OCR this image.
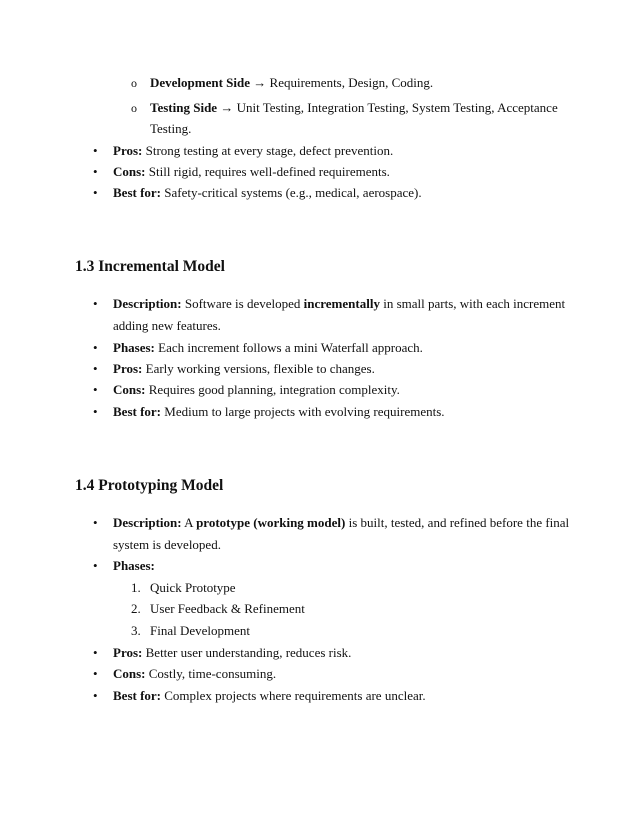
o Development Side → Requirements, Design, Coding.
o Testing Side → Unit Testing, Integration Testing, System Testing, Acceptance
Testing.
• Pros: Strong testing at every stage, defect prevention.
• Cons: Still rigid, requires well-defined requirements.
• Best for: Safety-critical systems (e.g., medical, aerospace).
1.3 Incremental Model
• Description: Software is developed incrementally in small parts, with each increment
adding new features.
• Phases: Each increment follows a mini Waterfall approach.
• Pros: Early working versions, flexible to changes.
• Cons: Requires good planning, integration complexity.
• Best for: Medium to large projects with evolving requirements.
1.4 Prototyping Model
• Description: A prototype (working model) is built, tested, and refined before the final
system is developed.
• Phases:
1. Quick Prototype
2. User Feedback & Refinement
3. Final Development
• Pros: Better user understanding, reduces risk.
• Cons: Costly, time-consuming.
• Best for: Complex projects where requirements are unclear.
